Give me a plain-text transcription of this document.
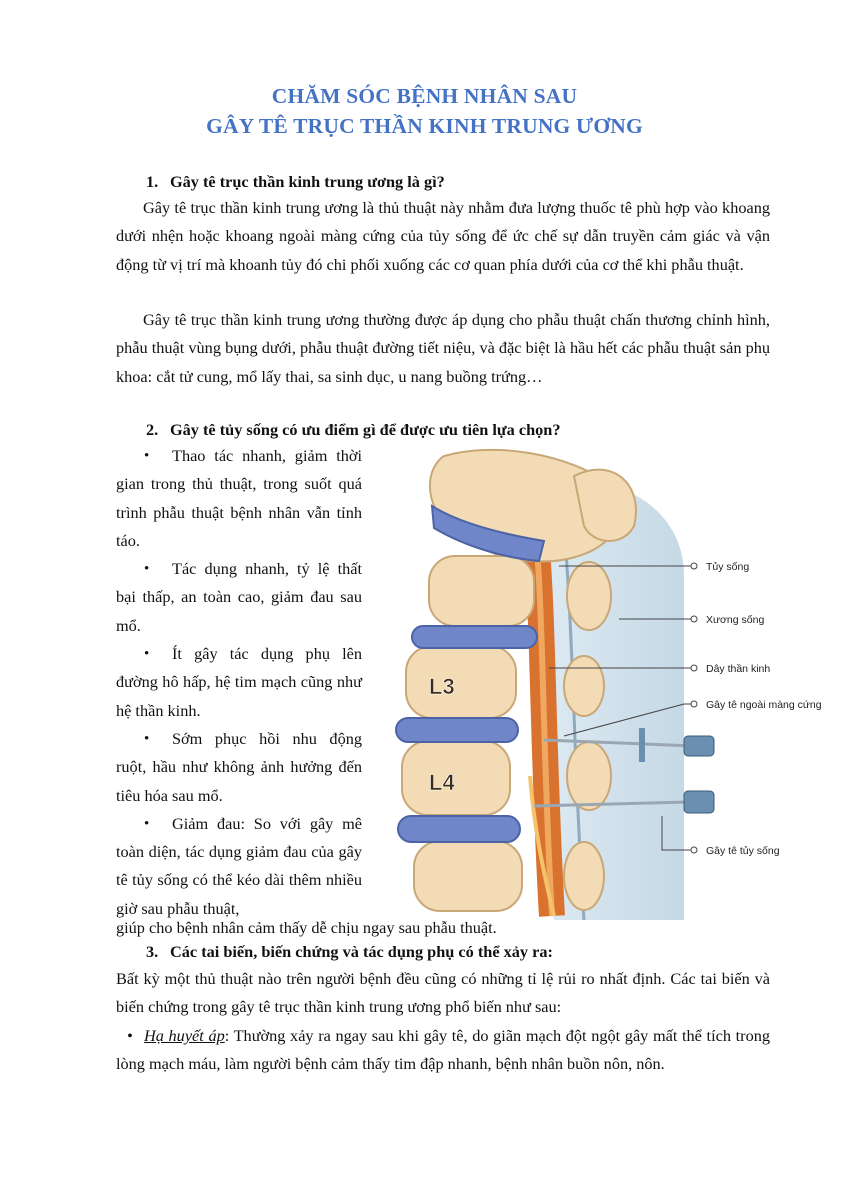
CHĂM SÓC BỆNH NHÂN SAU
GÂY TÊ TRỤC THẦN KINH TRUNG ƯƠNG
1. Gây tê trục thần kinh trung ương là gì?

Gây tê trục thần kinh trung ương là thủ thuật này nhằm đưa lượng thuốc tê phù hợp vào khoang dưới nhện hoặc khoang ngoài màng cứng của tủy sống để ức chế sự dẫn truyền cảm giác và vận động từ vị trí mà khoanh tủy đó chi phối xuống các cơ quan phía dưới của cơ thể khi phẫu thuật.

Gây tê trục thần kinh trung ương thường được áp dụng cho phẫu thuật chấn thương chỉnh hình, phẫu thuật vùng bụng dưới, phẫu thuật đường tiết niệu, và đặc biệt là hầu hết các phẫu thuật sản phụ khoa: cắt tử cung, mổ lấy thai, sa sinh dục, u nang buồng trứng…

2. Gây tê tủy sống có ưu điểm gì để được ưu tiên lựa chọn?

• Thao tác nhanh, giảm thời gian trong thủ thuật, trong suốt quá trình phẫu thuật bệnh nhân vẫn tỉnh táo.

• Tác dụng nhanh, tỷ lệ thất bại thấp, an toàn cao, giảm đau sau mổ.

• Ít gây tác dụng phụ lên đường hô hấp, hệ tim mạch cũng như hệ thần kinh.

• Sớm phục hồi nhu động ruột, hầu như không ảnh hưởng đến tiêu hóa sau mổ.

• Giảm đau: So với gây mê toàn diện, tác dụng giảm đau của gây tê tủy sống có thể kéo dài thêm nhiều giờ sau phẫu thuật,

giúp cho bệnh nhân cảm thấy dễ chịu ngay sau phẫu thuật.
L3
L4
Tủy sống
Xương sống
Dây thần kinh
Gây tê ngoài màng cứng
Gây tê tủy sống
3. Các tai biến, biến chứng và tác dụng phụ có thể xảy ra:

Bất kỳ một thủ thuật nào trên người bệnh đều cũng có những tỉ lệ rủi ro nhất định. Các tai biến và biến chứng trong gây tê trục thần kinh trung ương phổ biến như sau:

• Hạ huyết áp: Thường xảy ra ngay sau khi gây tê, do giãn mạch đột ngột gây mất thể tích trong lòng mạch máu, làm người bệnh cảm thấy tim đập nhanh, bệnh nhân buồn nôn, nôn.
